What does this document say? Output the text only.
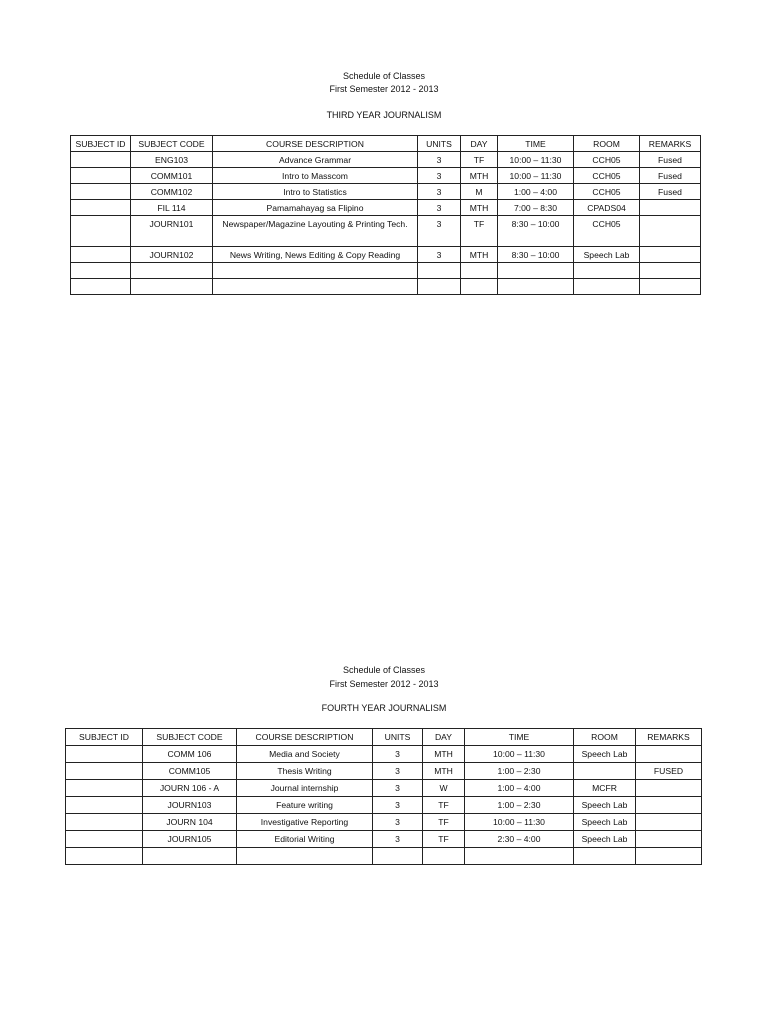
Schedule of Classes
First Semester 2012 - 2013
THIRD YEAR JOURNALISM
SUBJECT ID	SUBJECT CODE	COURSE DESCRIPTION	UNITS	DAY	TIME	ROOM	REMARKS
	ENG103	Advance Grammar	3	TF	10:00 – 11:30	CCH05	Fused
	COMM101	Intro to Masscom	3	MTH	10:00 – 11:30	CCH05	Fused
	COMM102	Intro to Statistics	3	M	1:00 – 4:00	CCH05	Fused
	FIL 114	Pamamahayag sa Flipino	3	MTH	7:00 – 8:30	CPADS04	
	JOURN101	Newspaper/Magazine Layouting & Printing Tech.	3	TF	8:30 – 10:00	CCH05	
	JOURN102	News Writing, News Editing & Copy Reading	3	MTH	8:30 – 10:00	Speech Lab	

Schedule of Classes
First Semester 2012 - 2013
FOURTH YEAR JOURNALISM
SUBJECT ID	SUBJECT CODE	COURSE DESCRIPTION	UNITS	DAY	TIME	ROOM	REMARKS
	COMM 106	Media and Society	3	MTH	10:00 – 11:30	Speech Lab	
	COMM105	Thesis Writing	3	MTH	1:00 – 2:30		FUSED
	JOURN 106 - A	Journal internship	3	W	1:00 – 4:00	MCFR	
	JOURN103	Feature writing	3	TF	1:00 – 2:30	Speech Lab	
	JOURN 104	Investigative Reporting	3	TF	10:00 – 11:30	Speech Lab	
	JOURN105	Editorial Writing	3	TF	2:30 – 4:00	Speech Lab	
